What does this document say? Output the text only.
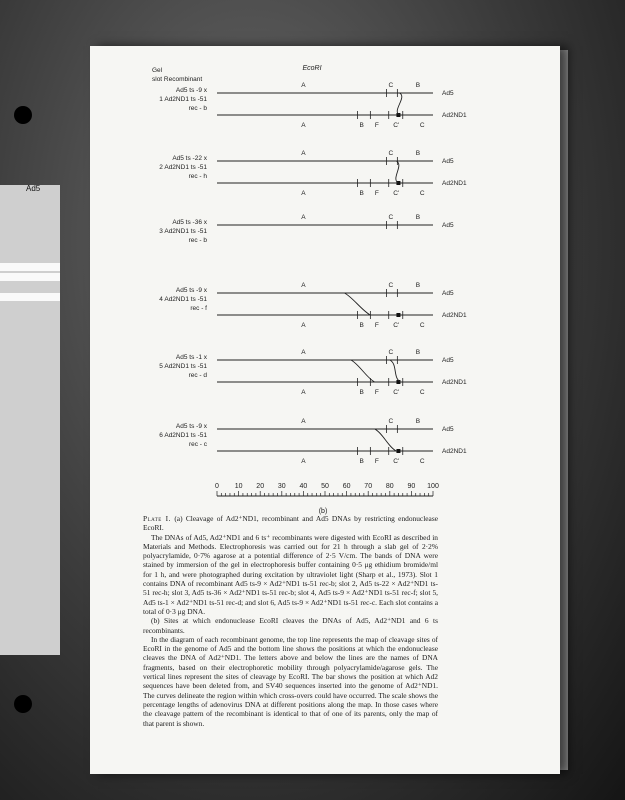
Ad5
EcoRI
Gel
slot Recombinant
Ad5 ts -9 x
1 Ad2ND1 ts -51
rec - b
A	C	B
Ad5
A	B F C'	C
Ad2ND1
Ad5 ts -22 x
2 Ad2ND1 ts -51
rec - h
A	C	B
Ad5
A	B F C'	C
Ad2ND1
Ad5 ts -36 x
3 Ad2ND1 ts -51
rec - b
A	C	B
Ad5
Ad5 ts -9 x
4 Ad2ND1 ts -51
rec - f
A	C	B
Ad5
A	B F C'	C
Ad2ND1
Ad5 ts -1 x
5 Ad2ND1 ts -51
rec - d
A	C	B
Ad5
A	B F C'	C
Ad2ND1
Ad5 ts -9 x
6 Ad2ND1 ts -51
rec - c
A	C	B
Ad5
A	B F C'	C
Ad2ND1
0 10 20 30 40 50 60 70 80 90 100
(b)

Plate I. (a) Cleavage of Ad2⁺ND1, recombinant and Ad5 DNAs by restricting endonuclease EcoRI.

The DNAs of Ad5, Ad2⁺ND1 and 6 ts⁺ recombinants were digested with EcoRI as described in Materials and Methods. Electrophoresis was carried out for 21 h through a slab gel of 2·2% polyacrylamide, 0·7% agarose at a potential difference of 2·5 V/cm. The bands of DNA were stained by immersion of the gel in electrophoresis buffer containing 0·5 μg ethidium bromide/ml for 1 h, and were photographed during excitation by ultraviolet light (Sharp et al., 1973). Slot 1 contains DNA of recombinant Ad5 ts-9 × Ad2⁺ND1 ts-51 rec-b; slot 2, Ad5 ts-22 × Ad2⁺ND1 ts-51 rec-h; slot 3, Ad5 ts-36 × Ad2⁺ND1 ts-51 rec-b; slot 4, Ad5 ts-9 × Ad2⁺ND1 ts-51 rec-f; slot 5, Ad5 ts-1 × Ad2⁺ND1 ts-51 rec-d; and slot 6, Ad5 ts-9 × Ad2⁺ND1 ts-51 rec-c. Each slot contains a total of 0·3 μg DNA.

(b) Sites at which endonuclease EcoRI cleaves the DNAs of Ad5, Ad2⁺ND1 and 6 ts recombinants.

In the diagram of each recombinant genome, the top line represents the map of cleavage sites of EcoRI in the genome of Ad5 and the bottom line shows the positions at which the endonuclease cleaves the DNA of Ad2⁺ND1. The letters above and below the lines are the names of DNA fragments, based on their electrophoretic mobility through polyacrylamide/agarose gels. The vertical lines represent the sites of cleavage by EcoRI. The bar shows the position at which Ad2 sequences have been deleted from, and SV40 sequences inserted into the genome of Ad2⁺ND1. The curves delineate the region within which cross-overs could have occurred. The scale shows the percentage lengths of adenovirus DNA at different positions along the map. In those cases where the cleavage pattern of the recombinant is identical to that of one of its parents, only the map of that parent is shown.
